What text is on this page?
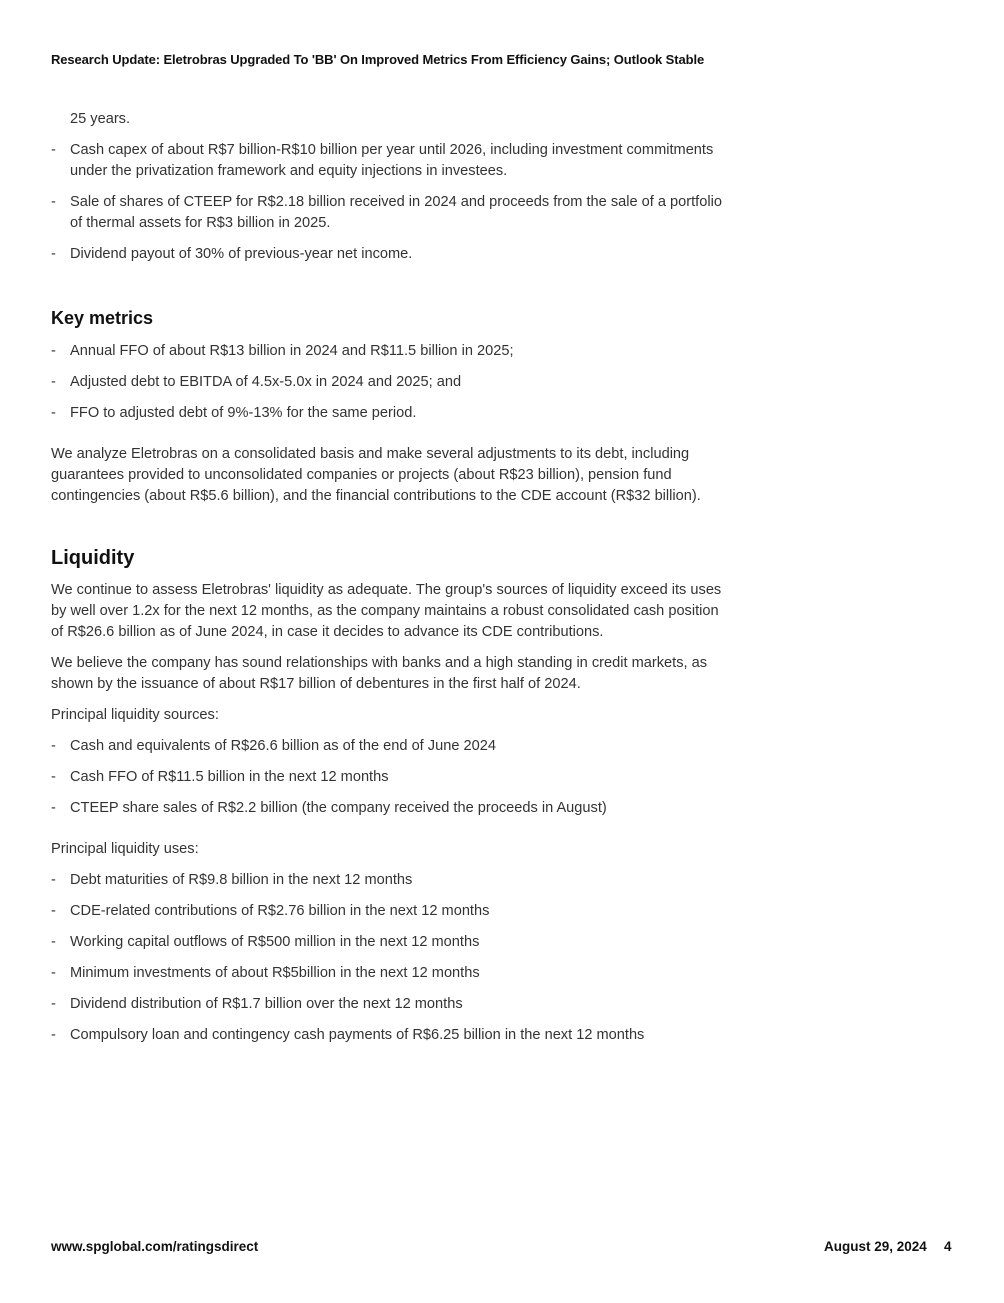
Research Update: Eletrobras Upgraded To 'BB' On Improved Metrics From Efficiency Gains; Outlook Stable

25 years.

- Cash capex of about R$7 billion-R$10 billion per year until 2026, including investment commitments under the privatization framework and equity injections in investees.

- Sale of shares of CTEEP for R$2.18 billion received in 2024 and proceeds from the sale of a portfolio of thermal assets for R$3 billion in 2025.

- Dividend payout of 30% of previous-year net income.

Key metrics

- Annual FFO of about R$13 billion in 2024 and R$11.5 billion in 2025;

- Adjusted debt to EBITDA of 4.5x-5.0x in 2024 and 2025; and

- FFO to adjusted debt of 9%-13% for the same period.

We analyze Eletrobras on a consolidated basis and make several adjustments to its debt, including guarantees provided to unconsolidated companies or projects (about R$23 billion), pension fund contingencies (about R$5.6 billion), and the financial contributions to the CDE account (R$32 billion).

Liquidity

We continue to assess Eletrobras' liquidity as adequate. The group's sources of liquidity exceed its uses by well over 1.2x for the next 12 months, as the company maintains a robust consolidated cash position of R$26.6 billion as of June 2024, in case it decides to advance its CDE contributions.

We believe the company has sound relationships with banks and a high standing in credit markets, as shown by the issuance of about R$17 billion of debentures in the first half of 2024.

Principal liquidity sources:

- Cash and equivalents of R$26.6 billion as of the end of June 2024

- Cash FFO of R$11.5 billion in the next 12 months

- CTEEP share sales of R$2.2 billion (the company received the proceeds in August)

Principal liquidity uses:

- Debt maturities of R$9.8 billion in the next 12 months

- CDE-related contributions of R$2.76 billion in the next 12 months

- Working capital outflows of R$500 million in the next 12 months

- Minimum investments of about R$5billion in the next 12 months

- Dividend distribution of R$1.7 billion over the next 12 months

- Compulsory loan and contingency cash payments of R$6.25 billion in the next 12 months

www.spglobal.com/ratingsdirect	August 29, 2024 4
